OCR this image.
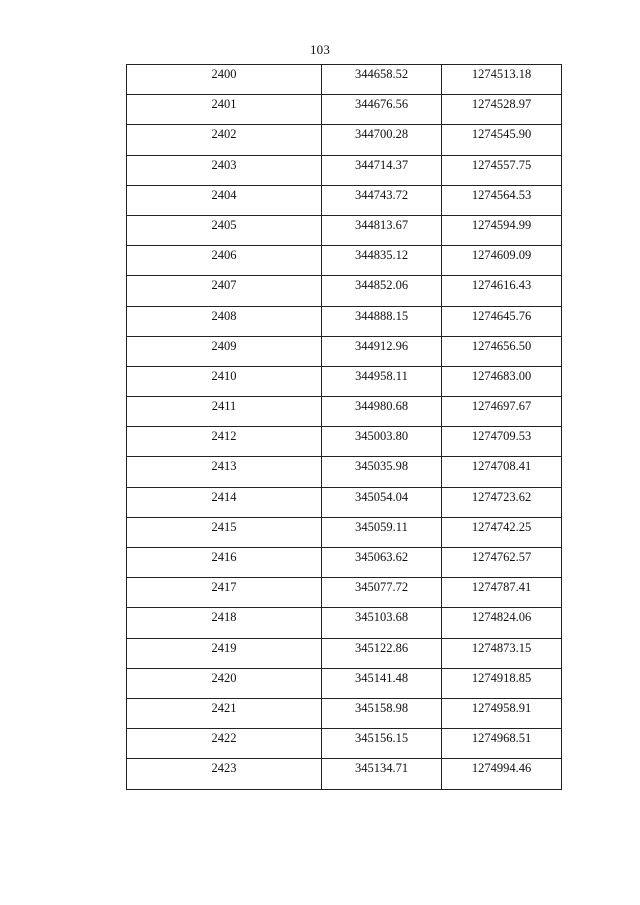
103
2400	344658.52	1274513.18
2401	344676.56	1274528.97
2402	344700.28	1274545.90
2403	344714.37	1274557.75
2404	344743.72	1274564.53
2405	344813.67	1274594.99
2406	344835.12	1274609.09
2407	344852.06	1274616.43
2408	344888.15	1274645.76
2409	344912.96	1274656.50
2410	344958.11	1274683.00
2411	344980.68	1274697.67
2412	345003.80	1274709.53
2413	345035.98	1274708.41
2414	345054.04	1274723.62
2415	345059.11	1274742.25
2416	345063.62	1274762.57
2417	345077.72	1274787.41
2418	345103.68	1274824.06
2419	345122.86	1274873.15
2420	345141.48	1274918.85
2421	345158.98	1274958.91
2422	345156.15	1274968.51
2423	345134.71	1274994.46
